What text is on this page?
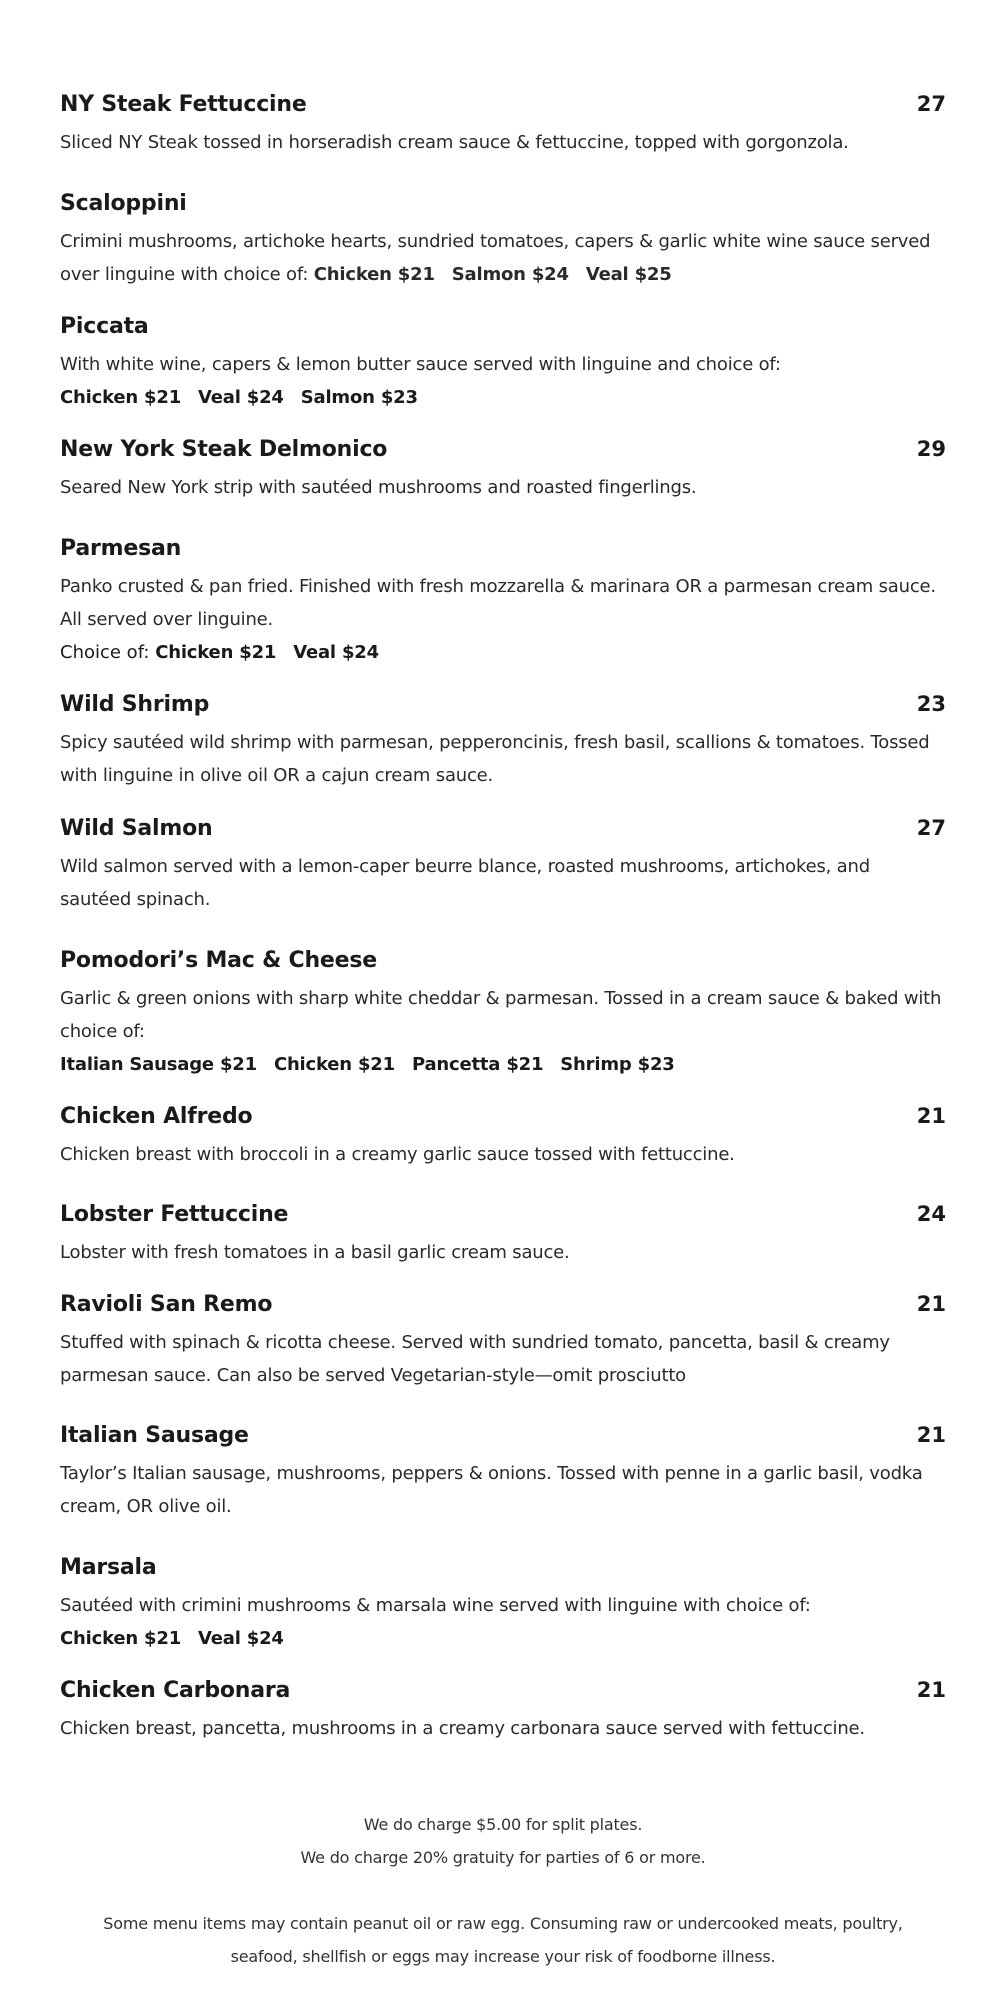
NY Steak Fettuccine	27
Sliced NY Steak tossed in horseradish cream sauce & fettuccine, topped with gorgonzola.
Scaloppini
Crimini mushrooms, artichoke hearts, sundried tomatoes, capers & garlic white wine sauce served over linguine with choice of: Chicken $21 Salmon $24 Veal $25
Piccata
With white wine, capers & lemon butter sauce served with linguine and choice of:
Chicken $21 Veal $24 Salmon $23
New York Steak Delmonico	29
Seared New York strip with sautéed mushrooms and roasted fingerlings.
Parmesan
Panko crusted & pan fried. Finished with fresh mozzarella & marinara OR a parmesan cream sauce. All served over linguine.
Choice of: Chicken $21 Veal $24
Wild Shrimp	23
Spicy sautéed wild shrimp with parmesan, pepperoncinis, fresh basil, scallions & tomatoes. Tossed with linguine in olive oil OR a cajun cream sauce.
Wild Salmon	27
Wild salmon served with a lemon-caper beurre blance, roasted mushrooms, artichokes, and sautéed spinach.
Pomodori’s Mac & Cheese
Garlic & green onions with sharp white cheddar & parmesan. Tossed in a cream sauce & baked with choice of:
Italian Sausage $21 Chicken $21 Pancetta $21 Shrimp $23
Chicken Alfredo	21
Chicken breast with broccoli in a creamy garlic sauce tossed with fettuccine.
Lobster Fettuccine	24
Lobster with fresh tomatoes in a basil garlic cream sauce.
Ravioli San Remo	21
Stuffed with spinach & ricotta cheese. Served with sundried tomato, pancetta, basil & creamy parmesan sauce. Can also be served Vegetarian-style—omit prosciutto
Italian Sausage	21
Taylor’s Italian sausage, mushrooms, peppers & onions. Tossed with penne in a garlic basil, vodka cream, OR olive oil.
Marsala
Sautéed with crimini mushrooms & marsala wine served with linguine with choice of:
Chicken $21 Veal $24
Chicken Carbonara	21
Chicken breast, pancetta, mushrooms in a creamy carbonara sauce served with fettuccine.
We do charge $5.00 for split plates.
We do charge 20% gratuity for parties of 6 or more.
Some menu items may contain peanut oil or raw egg. Consuming raw or undercooked meats, poultry, seafood, shellfish or eggs may increase your risk of foodborne illness.
